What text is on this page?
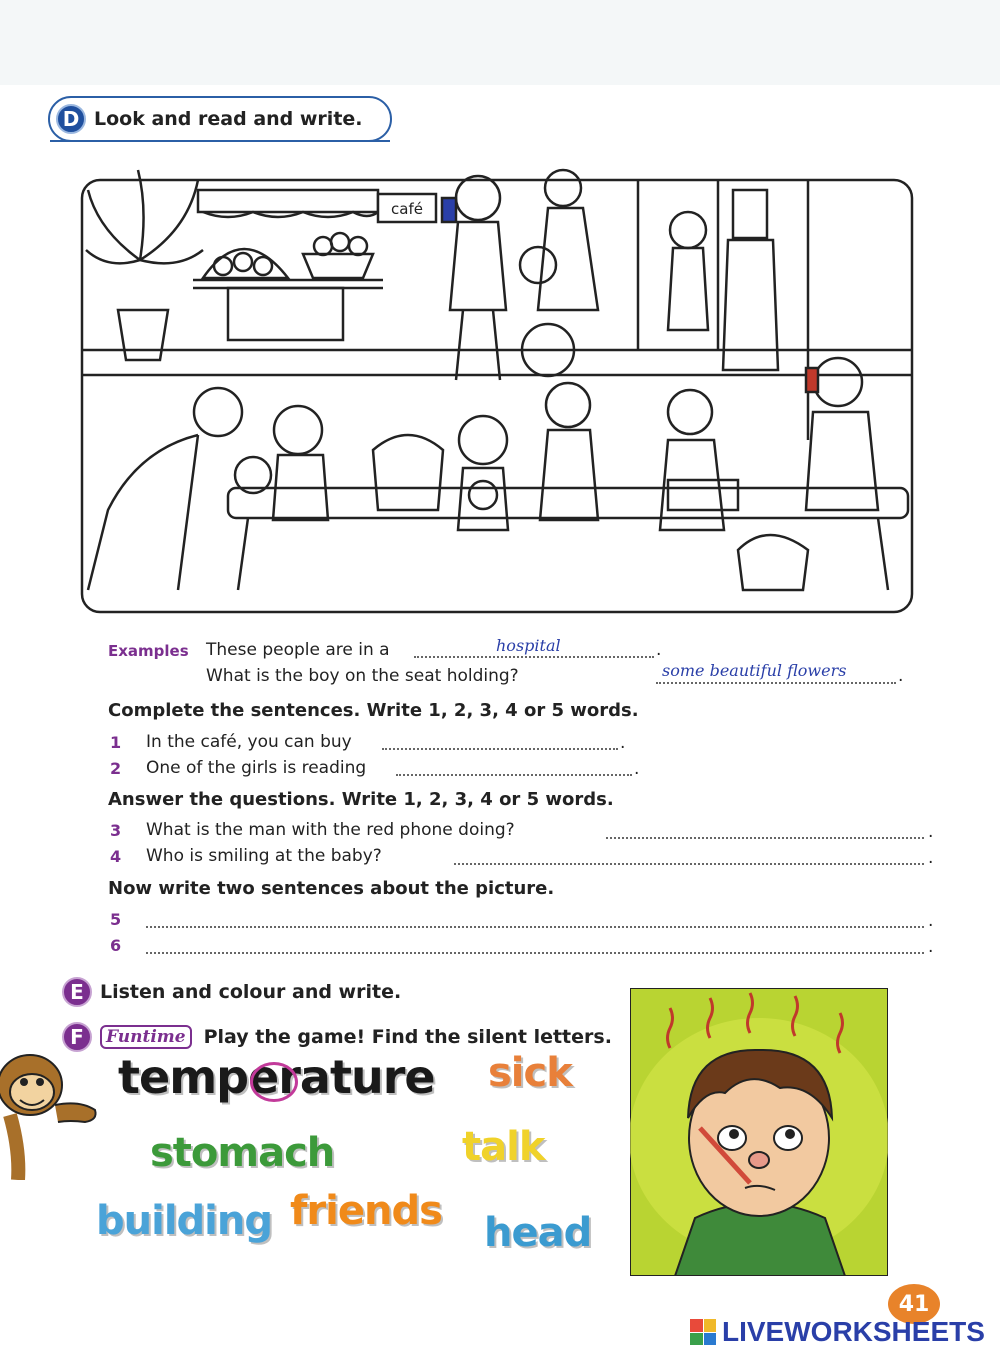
D Look and read and write.
café
Examples These people are in a	hospital	.
What is the boy on the seat holding?	some beautiful flowers	.
Complete the sentences. Write 1, 2, 3, 4 or 5 words.
1 In the café, you can buy	.
2 One of the girls is reading	.
Answer the questions. Write 1, 2, 3, 4 or 5 words.
3 What is the man with the red phone doing?	.
4 Who is smiling at the baby?	.
Now write two sentences about the picture.
5	.
6	.
E Listen and colour and write.
F	Funtime Play the game! Find the silent letters.
temperature sick
stomach	talk
building friends head
41
LIVEWORKSHEETS
